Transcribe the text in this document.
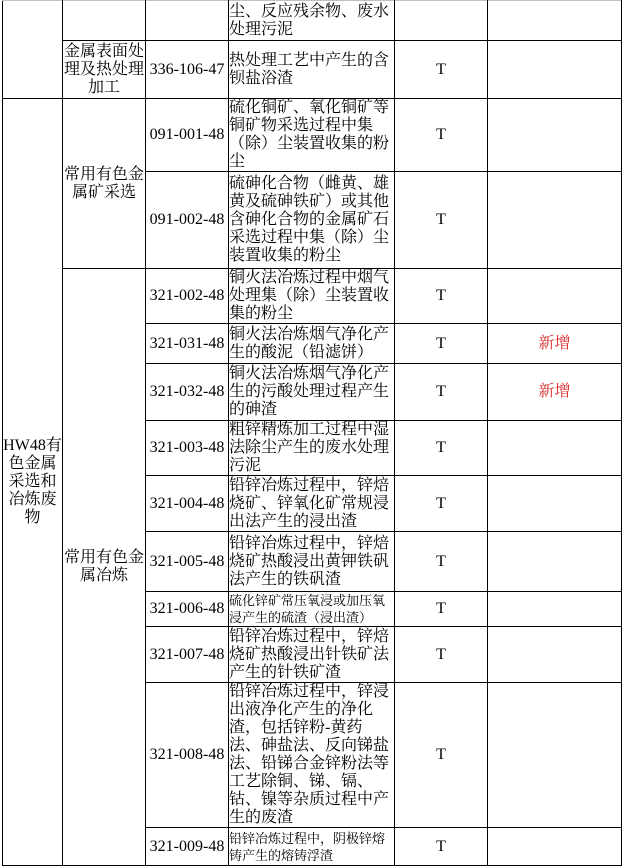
			尘、反应残余物、废水处理污泥		
	金属表面处理及热处理加工	336-106-47	热处理工艺中产生的含钡盐浴渣	T	
HW48有色金属采选和冶炼废物	常用有色金属矿采选	091-001-48	硫化铜矿、氧化铜矿等铜矿物采选过程中集（除）尘装置收集的粉尘	T	
		091-002-48	硫砷化合物（雌黄、雄黄及硫砷铁矿）或其他含砷化合物的金属矿石采选过程中集（除）尘装置收集的粉尘	T	
	常用有色金属冶炼	321-002-48	铜火法冶炼过程中烟气处理集（除）尘装置收集的粉尘	T	
		321-031-48	铜火法冶炼烟气净化产生的酸泥（铅滤饼）	T	新增
		321-032-48	铜火法冶炼烟气净化产生的污酸处理过程产生的砷渣	T	新增
		321-003-48	粗锌精炼加工过程中湿法除尘产生的废水处理污泥	T	
		321-004-48	铅锌冶炼过程中，锌焙烧矿、锌氧化矿常规浸出法产生的浸出渣	T	
		321-005-48	铅锌冶炼过程中，锌焙烧矿热酸浸出黄钾铁矾法产生的铁矾渣	T	
		321-006-48	硫化锌矿常压氧浸或加压氧浸产生的硫渣（浸出渣）	T	
		321-007-48	铅锌冶炼过程中，锌焙烧矿热酸浸出针铁矿法产生的针铁矿渣	T	
		321-008-48	铅锌冶炼过程中，锌浸出液净化产生的净化渣，包括锌粉-黄药法、砷盐法、反向锑盐法、铅锑合金锌粉法等工艺除铜、锑、镉、钴、镍等杂质过程中产生的废渣	T	
		321-009-48	铅锌冶炼过程中，阴极锌熔铸产生的熔铸浮渣	T	
